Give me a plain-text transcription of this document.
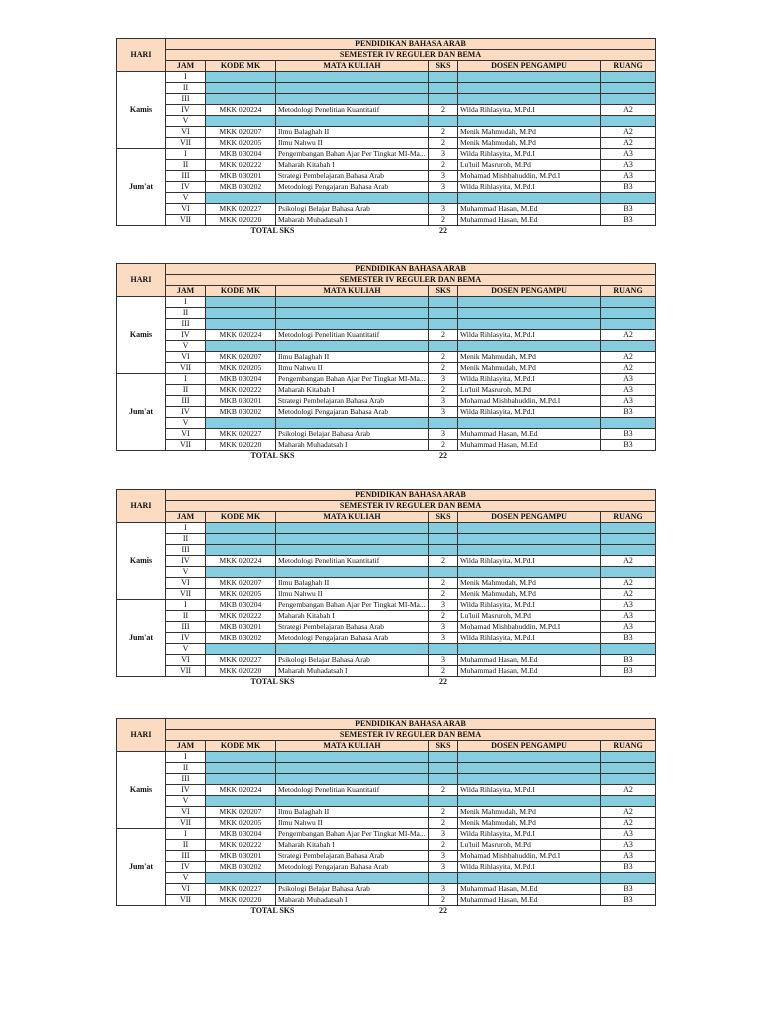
HARI	PENDIDIKAN BAHASA ARAB					
	SEMESTER IV REGULER DAN BEMA					
	JAM	KODE MK	MATA KULIAH	SKS	DOSEN PENGAMPU	RUANG
Kamis	I					
	II					
	III					
	IV	MKK 020224	Metodologi Penelitian Kuantitatif	2	Wilda Rihlasyita, M.Pd.I	A2
	V					
	VI	MKK 020207	Ilmu Balaghah II	2	Menik Mahmudah, M.Pd	A2
	VII	MKK 020205	Ilmu Nahwu II	2	Menik Mahmudah, M.Pd	A2
Jum'at	I	MKB 030204	Pengembangan Bahan Ajar Per Tingkat MI-Ma...	3	Wilda Rihlasyita, M.Pd.I	A3
	II	MKK 020222	Maharah Kitabah I	2	Lu'luil Masruroh, M.Pd	A3
	III	MKB 030201	Strategi Pembelajaran Bahasa Arab	3	Mohamad Mishbahuddin, M.Pd.I	A3
	IV	MKB 030202	Metodologi Pengajaran Bahasa Arab	3	Wilda Rihlasyita, M.Pd.I	B3
	V					
	VI	MKK 020227	Psikologi Belajar Bahasa Arab	3	Muhammad Hasan, M.Ed	B3
	VII	MKK 020220	Maharah Muhadatsah I	2	Muhammad Hasan, M.Ed	B3
TOTAL SKS				22		
HARI	PENDIDIKAN BAHASA ARAB					
	SEMESTER IV REGULER DAN BEMA					
	JAM	KODE MK	MATA KULIAH	SKS	DOSEN PENGAMPU	RUANG
Kamis	I					
	II					
	III					
	IV	MKK 020224	Metodologi Penelitian Kuantitatif	2	Wilda Rihlasyita, M.Pd.I	A2
	V					
	VI	MKK 020207	Ilmu Balaghah II	2	Menik Mahmudah, M.Pd	A2
	VII	MKK 020205	Ilmu Nahwu II	2	Menik Mahmudah, M.Pd	A2
Jum'at	I	MKB 030204	Pengembangan Bahan Ajar Per Tingkat MI-Ma...	3	Wilda Rihlasyita, M.Pd.I	A3
	II	MKK 020222	Maharah Kitabah I	2	Lu'luil Masruroh, M.Pd	A3
	III	MKB 030201	Strategi Pembelajaran Bahasa Arab	3	Mohamad Mishbahuddin, M.Pd.I	A3
	IV	MKB 030202	Metodologi Pengajaran Bahasa Arab	3	Wilda Rihlasyita, M.Pd.I	B3
	V					
	VI	MKK 020227	Psikologi Belajar Bahasa Arab	3	Muhammad Hasan, M.Ed	B3
	VII	MKK 020220	Maharah Muhadatsah I	2	Muhammad Hasan, M.Ed	B3
TOTAL SKS				22		
HARI	PENDIDIKAN BAHASA ARAB					
	SEMESTER IV REGULER DAN BEMA					
	JAM	KODE MK	MATA KULIAH	SKS	DOSEN PENGAMPU	RUANG
Kamis	I					
	II					
	III					
	IV	MKK 020224	Metodologi Penelitian Kuantitatif	2	Wilda Rihlasyita, M.Pd.I	A2
	V					
	VI	MKK 020207	Ilmu Balaghah II	2	Menik Mahmudah, M.Pd	A2
	VII	MKK 020205	Ilmu Nahwu II	2	Menik Mahmudah, M.Pd	A2
Jum'at	I	MKB 030204	Pengembangan Bahan Ajar Per Tingkat MI-Ma...	3	Wilda Rihlasyita, M.Pd.I	A3
	II	MKK 020222	Maharah Kitabah I	2	Lu'luil Masruroh, M.Pd	A3
	III	MKB 030201	Strategi Pembelajaran Bahasa Arab	3	Mohamad Mishbahuddin, M.Pd.I	A3
	IV	MKB 030202	Metodologi Pengajaran Bahasa Arab	3	Wilda Rihlasyita, M.Pd.I	B3
	V					
	VI	MKK 020227	Psikologi Belajar Bahasa Arab	3	Muhammad Hasan, M.Ed	B3
	VII	MKK 020220	Maharah Muhadatsah I	2	Muhammad Hasan, M.Ed	B3
TOTAL SKS				22		
HARI	PENDIDIKAN BAHASA ARAB					
	SEMESTER IV REGULER DAN BEMA					
	JAM	KODE MK	MATA KULIAH	SKS	DOSEN PENGAMPU	RUANG
Kamis	I					
	II					
	III					
	IV	MKK 020224	Metodologi Penelitian Kuantitatif	2	Wilda Rihlasyita, M.Pd.I	A2
	V					
	VI	MKK 020207	Ilmu Balaghah II	2	Menik Mahmudah, M.Pd	A2
	VII	MKK 020205	Ilmu Nahwu II	2	Menik Mahmudah, M.Pd	A2
Jum'at	I	MKB 030204	Pengembangan Bahan Ajar Per Tingkat MI-Ma...	3	Wilda Rihlasyita, M.Pd.I	A3
	II	MKK 020222	Maharah Kitabah I	2	Lu'luil Masruroh, M.Pd	A3
	III	MKB 030201	Strategi Pembelajaran Bahasa Arab	3	Mohamad Mishbahuddin, M.Pd.I	A3
	IV	MKB 030202	Metodologi Pengajaran Bahasa Arab	3	Wilda Rihlasyita, M.Pd.I	B3
	V					
	VI	MKK 020227	Psikologi Belajar Bahasa Arab	3	Muhammad Hasan, M.Ed	B3
	VII	MKK 020220	Maharah Muhadatsah I	2	Muhammad Hasan, M.Ed	B3
TOTAL SKS				22		
